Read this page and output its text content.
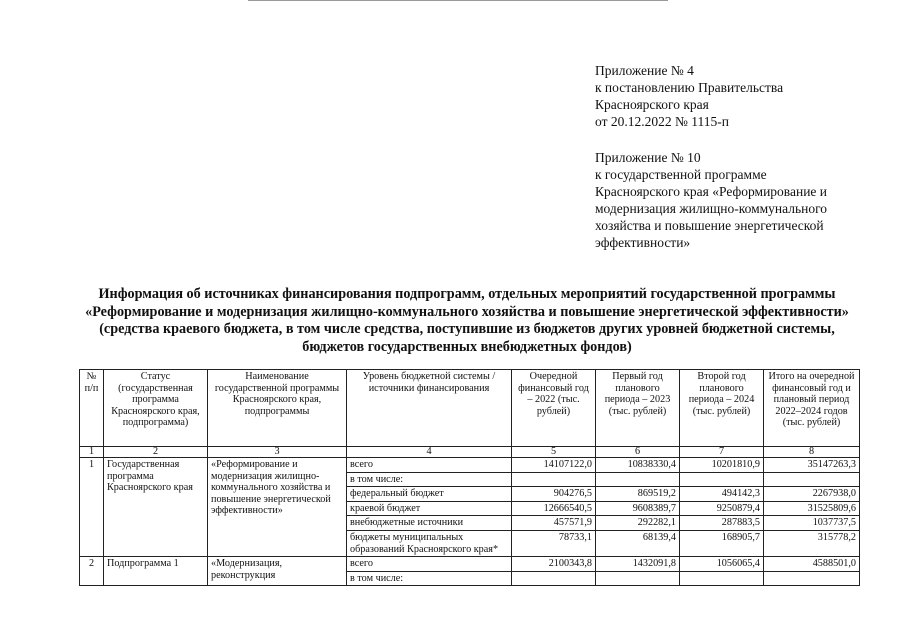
Приложение № 4
к постановлению Правительства
Красноярского края
от 20.12.2022 № 1115-п
Приложение № 10
к государственной программе
Красноярского края «Реформирование и
модернизация жилищно-коммунального
хозяйства и повышение энергетической
эффективности»
Информация об источниках финансирования подпрограмм, отдельных мероприятий государственной программы
«Реформирование и модернизация жилищно-коммунального хозяйства и повышение энергетической эффективности»
(средства краевого бюджета, в том числе средства, поступившие из бюджетов других уровней бюджетной системы,
бюджетов государственных внебюджетных фондов)
№ п/п	Статус (государственная программа Красноярского края, подпрограмма)	Наименование государственной программы Красноярского края, подпрограммы	Уровень бюджетной системы / источники финансирования	Очередной финансовый год – 2022 (тыс. рублей)	Первый год планового периода – 2023 (тыс. рублей)	Второй год планового периода – 2024 (тыс. рублей)	Итого на очередной финансовый год и плановый период 2022–2024 годов (тыс. рублей)
1	2	3	4	5	6	7	8
1	Государственная программа Красноярского края	«Реформирование и модернизация жилищно-коммунального хозяйства и повышение энергетической эффективности»	всего	14107122,0	10838330,4	10201810,9	35147263,3
			в том числе:				
			федеральный бюджет	904276,5	869519,2	494142,3	2267938,0
			краевой бюджет	12666540,5	9608389,7	9250879,4	31525809,6
			внебюджетные источники	457571,9	292282,1	287883,5	1037737,5
			бюджеты муниципальных образований Красноярского края*	78733,1	68139,4	168905,7	315778,2
2	Подпрограмма 1	«Модернизация, реконструкция	всего	2100343,8	1432091,8	1056065,4	4588501,0
			в том числе:				
